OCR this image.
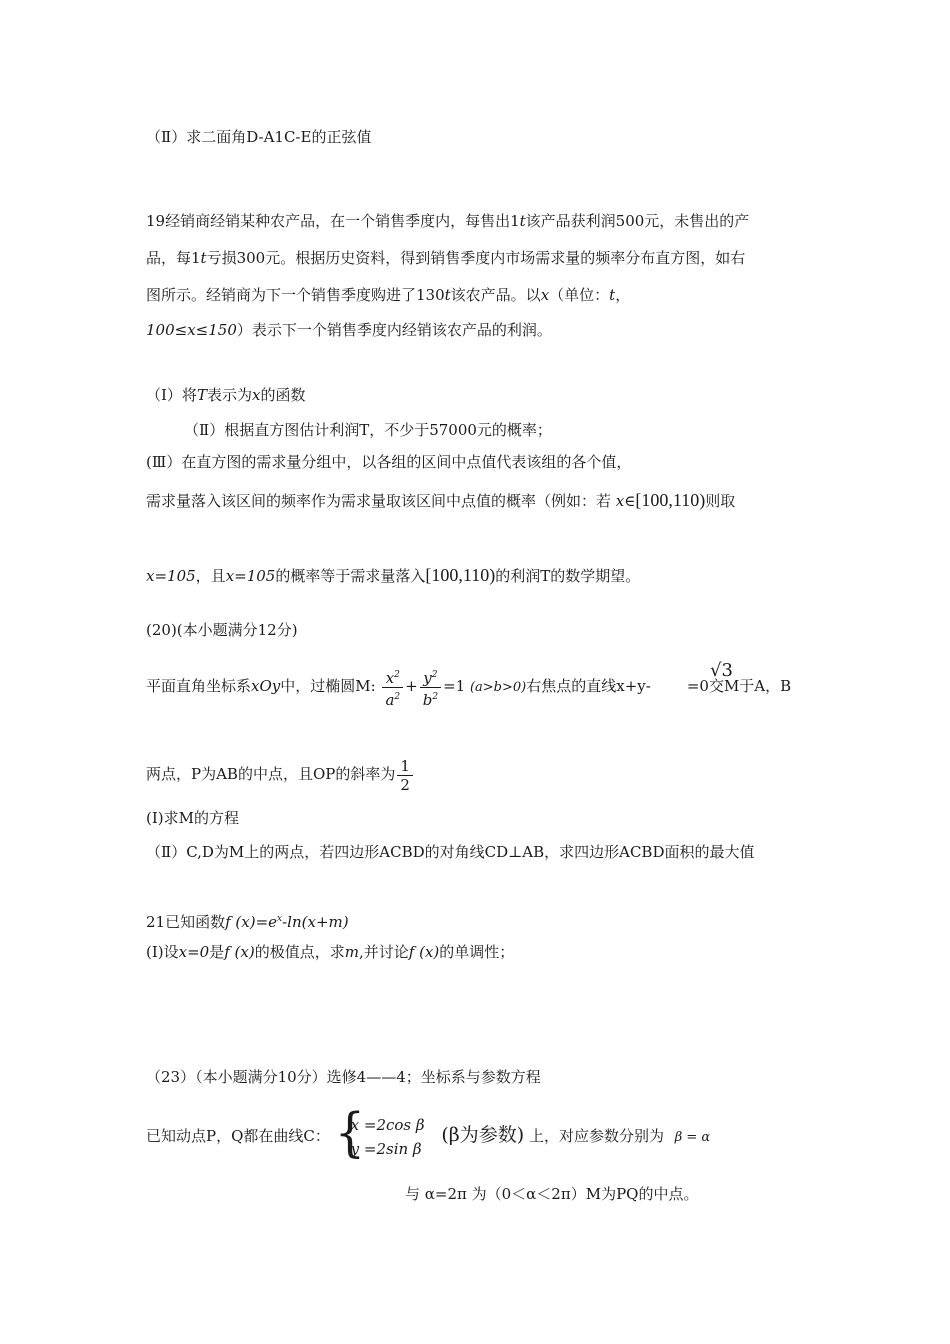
（Ⅱ）求二面角D-A1C-E的正弦值
19经销商经销某种农产品，在一个销售季度内，每售出1t该产品获利润500元，未售出的产
品，每1t亏损300元。根据历史资料，得到销售季度内市场需求量的频率分布直方图，如右
图所示。经销商为下一个销售季度购进了130t该农产品。以x（单位：t，
100≤x≤150）表示下一个销售季度内经销该农产品的利润。
（Ⅰ）将T表示为x的函数
（Ⅱ）根据直方图估计利润T，不少于57000元的概率；
(Ⅲ）在直方图的需求量分组中，以各组的区间中点值代表该组的各个值，
需求量落入该区间的频率作为需求量取该区间中点值的概率（例如：若 x∈[100,110)则取
x=105，且x=105的概率等于需求量落入[100,110)的利润T的数学期望。
(20)(本小题满分12分)
平面直角坐标系xOy中，过椭圆M: $\frac{x^2}{a^2} + \frac{y^2}{b^2} =1$ (a>b>0)右焦点的直线x+y- =0交M于A，B
√3
两点，P为AB的中点，且OP的斜率为 $\frac{1}{2}$
(Ⅰ)求M的方程
（Ⅱ）C,D为M上的两点，若四边形ACBD的对角线CD⊥AB，求四边形ACBD面积的最大值
21已知函数f $(x)=e^x-\ln(x+m)$
(Ⅰ)设x=0是f (x)的极值点，求m,并讨论f (x)的单调性；
（23）（本小题满分10分）选修4——4；坐标系与参数方程
已知动点P，Q都在曲线C： {
x =2cos β
y =2sin β
(β为参数) 上，对应参数分别为 β = α
与 α=2π 为（0＜α＜2π）M为PQ的中点。
